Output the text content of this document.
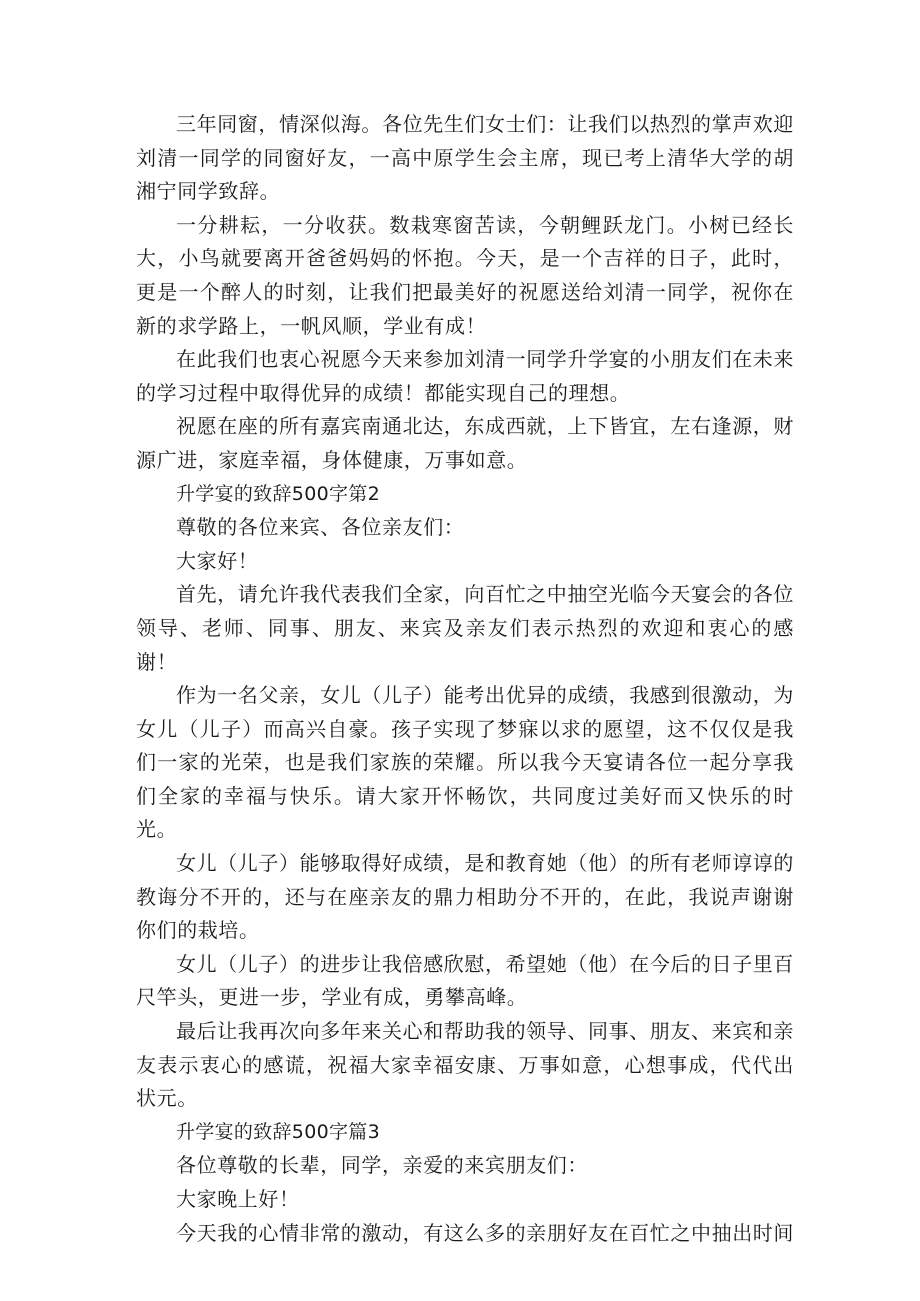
三年同窗，情深似海。各位先生们女士们：让我们以热烈的掌声欢迎刘清一同学的同窗好友，一高中原学生会主席，现已考上清华大学的胡湘宁同学致辞。

一分耕耘，一分收获。数栽寒窗苦读，今朝鲤跃龙门。小树已经长大，小鸟就要离开爸爸妈妈的怀抱。今天，是一个吉祥的日子，此时，更是一个醉人的时刻，让我们把最美好的祝愿送给刘清一同学，祝你在新的求学路上，一帆风顺，学业有成！

在此我们也衷心祝愿今天来参加刘清一同学升学宴的小朋友们在未来的学习过程中取得优异的成绩！都能实现自己的理想。

祝愿在座的所有嘉宾南通北达，东成西就，上下皆宜，左右逢源，财源广进，家庭幸福，身体健康，万事如意。

升学宴的致辞500字第2

尊敬的各位来宾、各位亲友们：

大家好！

首先，请允许我代表我们全家，向百忙之中抽空光临今天宴会的各位领导、老师、同事、朋友、来宾及亲友们表示热烈的欢迎和衷心的感谢！

作为一名父亲，女儿（儿子）能考出优异的成绩，我感到很激动，为女儿（儿子）而高兴自豪。孩子实现了梦寐以求的愿望，这不仅仅是我们一家的光荣，也是我们家族的荣耀。所以我今天宴请各位一起分享我们全家的幸福与快乐。请大家开怀畅饮，共同度过美好而又快乐的时光。

女儿（儿子）能够取得好成绩，是和教育她（他）的所有老师谆谆的教诲分不开的，还与在座亲友的鼎力相助分不开的，在此，我说声谢谢你们的栽培。

女儿（儿子）的进步让我倍感欣慰，希望她（他）在今后的日子里百尺竿头，更进一步，学业有成，勇攀高峰。

最后让我再次向多年来关心和帮助我的领导、同事、朋友、来宾和亲友表示衷心的感谎，祝福大家幸福安康、万事如意，心想事成，代代出状元。

升学宴的致辞500字篇3

各位尊敬的长辈，同学，亲爱的来宾朋友们：

大家晚上好！

今天我的心情非常的激动，有这么多的亲朋好友在百忙之中抽出时间
